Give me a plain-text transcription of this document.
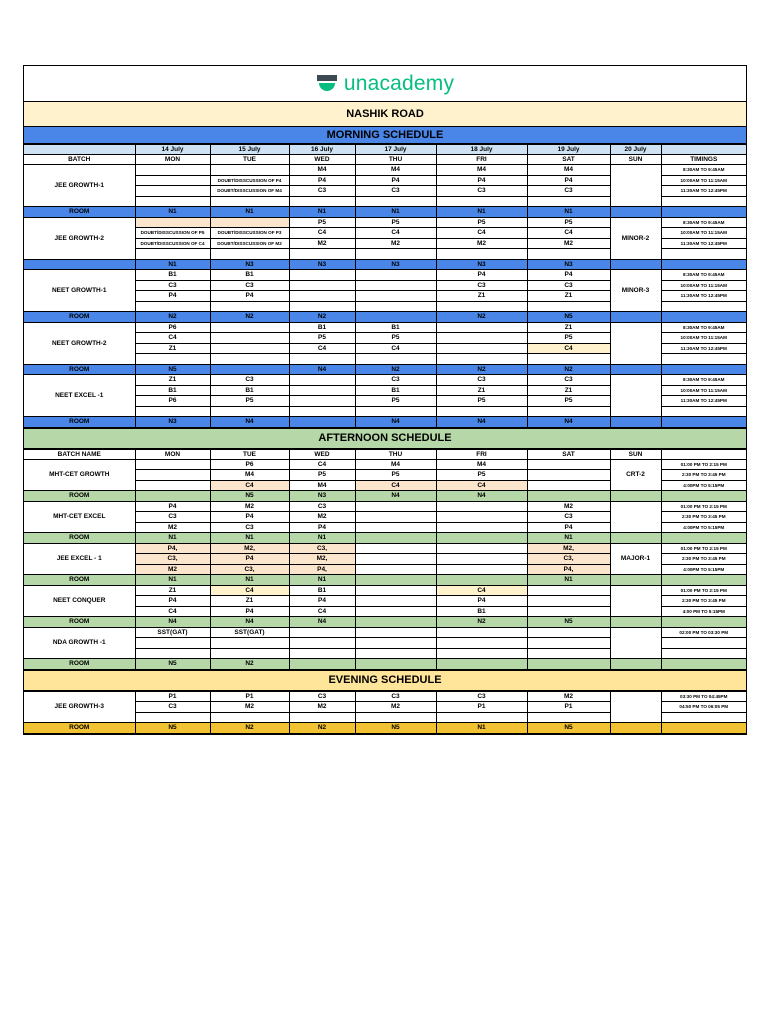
unacademy
NASHIK ROAD
MORNING SCHEDULE
	14 July	15 July	16 July	17 July	18 July	19 July	20 July	
BATCH	MON	TUE	WED	THU	FRI	SAT	SUN	TIMINGS
JEE GROWTH-1			M4	M4	M4	M4		8:30AM TO 9:45AM
		DOUBT/DISSCUSSION OF P4	P4	P4	P4	P4		10:00AM TO 11:15AM
		DOUBT/DISSCUSSION OF M4	C3	C3	C3	C3		11:30AM TO 12:45PM

ROOM	N1	N1	N1	N1	N1	N1		
JEE GROWTH-2			P5	P5	P5	P5	MINOR-2	8:30AM TO 9:45AM
	DOUBT/DISSCUSSION OF P5	DOUBT/DISSCUSSION OF P3	C4	C4	C4	C4		10:00AM TO 11:15AM
	DOUBT/DISSCUSSION OF C4	DOUBT/DISSCUSSION OF M2	M2	M2	M2	M2		11:30AM TO 12:45PM

	N1	N3	N3	N3	N3	N3		
NEET GROWTH-1	B1	B1			P4	P4	MINOR-3	8:30AM TO 9:45AM
	C3	C3			C3	C3		10:00AM TO 11:15AM
	P4	P4			Z1	Z1		11:30AM TO 12:45PM

ROOM	N2	N2	N2		N2	N5		
NEET GROWTH-2	P6		B1	B1		Z1		8:30AM TO 9:45AM
	C4		P5	P5		P5		10:00AM TO 11:15AM
	Z1		C4	C4		C4		11:30AM TO 12:45PM

ROOM	N5		N4	N2	N2	N2		
NEET EXCEL -1	Z1	C3		C3	C3	C3		8:30AM TO 9:45AM
	B1	B1		B1	Z1	Z1		10:00AM TO 11:15AM
	P6	P5		P5	P5	P5		11:30AM TO 12:45PM

ROOM	N3	N4		N4	N4	N4		
AFTERNOON SCHEDULE
BATCH NAME	MON	TUE	WED	THU	FRI	SAT	SUN	
MHT-CET GROWTH		P6	C4	M4	M4		CRT-2	01:00 PM TO 2:15 PM
		M4	P5	P5	P5			2:30 PM TO 3:45 PM
		C4	M4	C4	C4			4:00PM TO 5:15PM
ROOM		N5	N3	N4	N4			
MHT-CET EXCEL	P4	M2	C3			M2		01:00 PM TO 2:15 PM
	C3	P4	M2			C3		2:30 PM TO 3:45 PM
	M2	C3	P4			P4		4:00PM TO 5:15PM
ROOM	N1	N1	N1			N1		
JEE EXCEL - 1	P4,	M2,	C3,			M2,	MAJOR-1	01:00 PM TO 2:15 PM
	C3,	P4	M2,			C3,		2:30 PM TO 3:45 PM
	M2	C3,	P4,			P4,		4:00PM TO 5:15PM
ROOM	N1	N1	N1			N1		
NEET CONQUER	Z1	C4	B1		C4			01:00 PM TO 2:15 PM
	P4	Z1	P4		P4			2:30 PM TO 3:45 PM
	C4	P4	C4		B1			4:00 PM TO 5:15PM
ROOM	N4	N4	N4		N2	N5		
NDA GROWTH -1	SST(GAT)	SST(GAT)						02:00 PM TO 03:30 PM

ROOM	N5	N2						
EVENING SCHEDULE
JEE GROWTH-3	P1	P1	C3	C3	C3	M2		03:30 PM TO 04:45PM
	C3	M2	M2	M2	P1	P1		04:50 PM TO 06:05 PM

ROOM	N5	N2	N2	N5	N1	N5		
